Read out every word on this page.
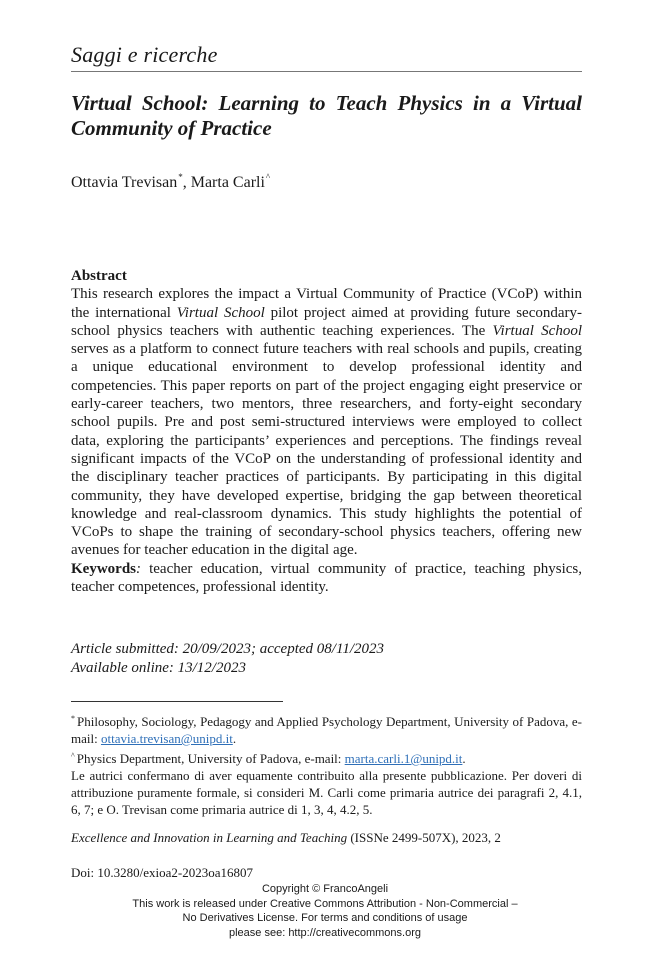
Saggi e ricerche
Virtual School: Learning to Teach Physics in a Virtual Community of Practice
Ottavia Trevisan*, Marta Carli^
Abstract
This research explores the impact a Virtual Community of Practice (VCoP) within the international Virtual School pilot project aimed at providing future secondary-school physics teachers with authentic teaching experiences. The Virtual School serves as a platform to connect future teachers with real schools and pupils, creating a unique educational environment to develop professional identity and competencies. This paper reports on part of the project engaging eight preservice or early-career teachers, two mentors, three researchers, and forty-eight secondary school pupils. Pre and post semi-structured interviews were employed to collect data, exploring the participants’ experiences and perceptions. The findings reveal significant impacts of the VCoP on the understanding of professional identity and the disciplinary teacher practices of participants. By participating in this digital community, they have developed expertise, bridging the gap between theoretical knowledge and real-classroom dynamics. This study highlights the potential of VCoPs to shape the training of secondary-school physics teachers, offering new avenues for teacher education in the digital age.
Keywords: teacher education, virtual community of practice, teaching physics, teacher competences, professional identity.
Article submitted: 20/09/2023; accepted 08/11/2023
Available online: 13/12/2023
* Philosophy, Sociology, Pedagogy and Applied Psychology Department, University of Padova, e-mail: ottavia.trevisan@unipd.it.
^ Physics Department, University of Padova, e-mail: marta.carli.1@unipd.it.
Le autrici confermano di aver equamente contribuito alla presente pubblicazione. Per doveri di attribuzione puramente formale, si consideri M. Carli come primaria autrice dei paragrafi 2, 4.1, 6, 7; e O. Trevisan come primaria autrice di 1, 3, 4, 4.2, 5.
Excellence and Innovation in Learning and Teaching (ISSNe 2499-507X), 2023, 2
Doi: 10.3280/exioa2-2023oa16807
Copyright © FrancoAngeli
This work is released under Creative Commons Attribution - Non-Commercial –
No Derivatives License. For terms and conditions of usage
please see: http://creativecommons.org
